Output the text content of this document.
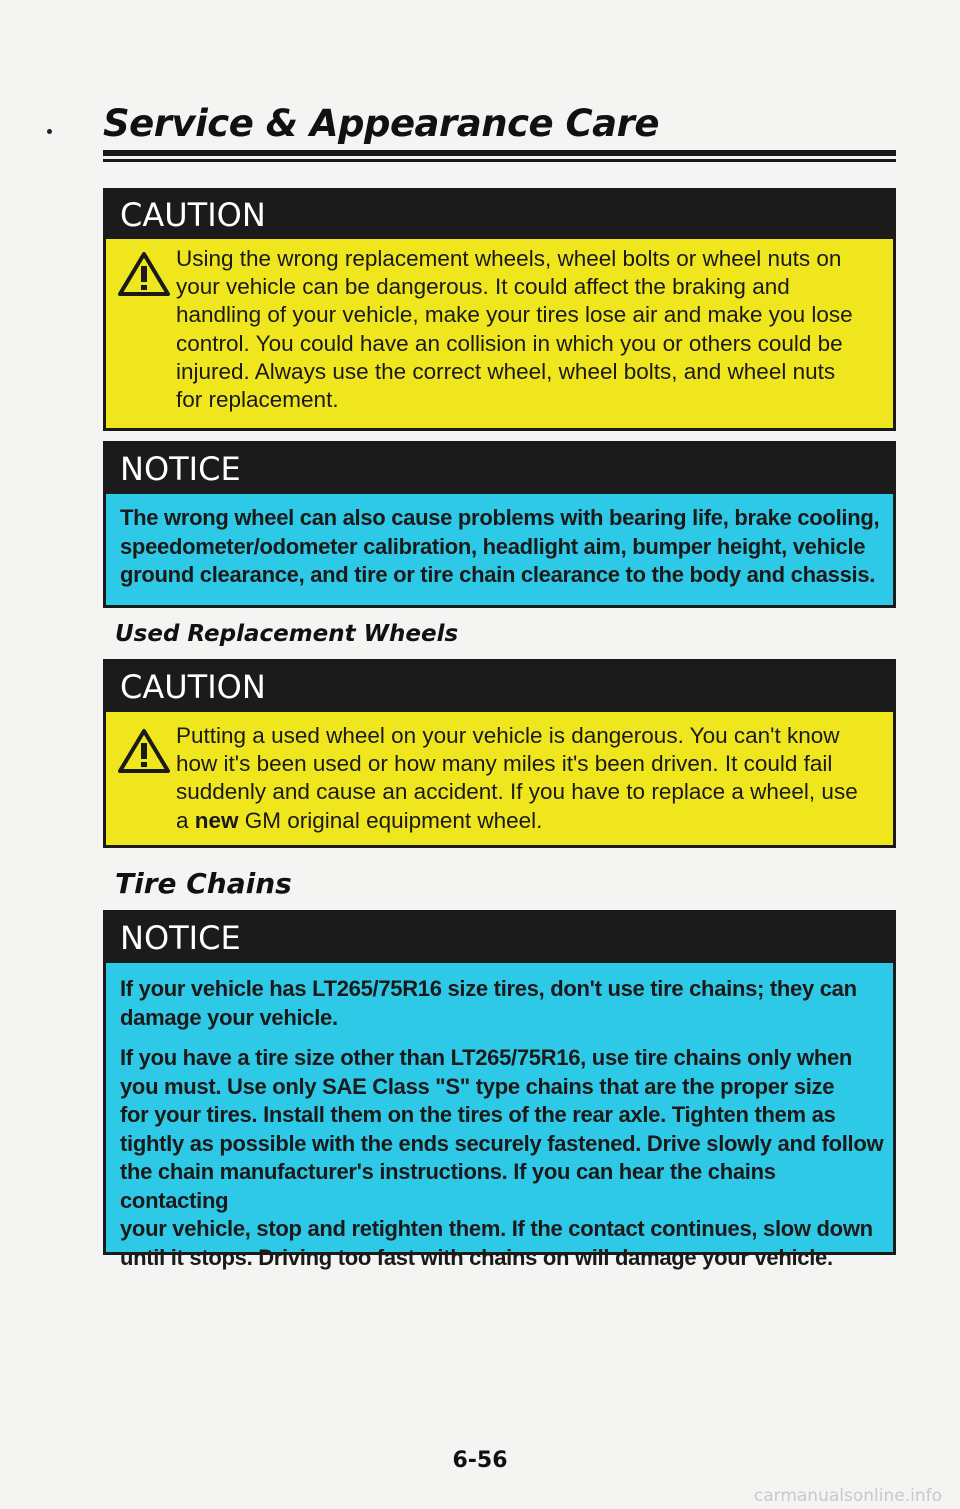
Service & Appearance Care
CAUTION
Using the wrong replacement wheels, wheel bolts or wheel nuts on
your vehicle can be dangerous. It could affect the braking and
handling of your vehicle, make your tires lose air and make you lose
control. You could have an collision in which you or others could be
injured. Always use the correct wheel, wheel bolts, and wheel nuts
for replacement.
NOTICE
The wrong wheel can also cause problems with bearing life, brake cooling,
speedometer/odometer calibration, headlight aim, bumper height, vehicle
ground clearance, and tire or tire chain clearance to the body and chassis.
Used Replacement Wheels
CAUTION
Putting a used wheel on your vehicle is dangerous. You can't know
how it's been used or how many miles it's been driven. It could fail
suddenly and cause an accident. If you have to replace a wheel, use
a new GM original equipment wheel.
Tire Chains
NOTICE

If your vehicle has LT265/75R16 size tires, don't use tire chains; they can
damage your vehicle.

If you have a tire size other than LT265/75R16, use tire chains only when
you must. Use only SAE Class "S" type chains that are the proper size
for your tires. Install them on the tires of the rear axle. Tighten them as
tightly as possible with the ends securely fastened. Drive slowly and follow
the chain manufacturer's instructions. If you can hear the chains contacting
your vehicle, stop and retighten them. If the contact continues, slow down
until it stops. Driving too fast with chains on will damage your vehicle.

6-56
carmanualsonline.info
